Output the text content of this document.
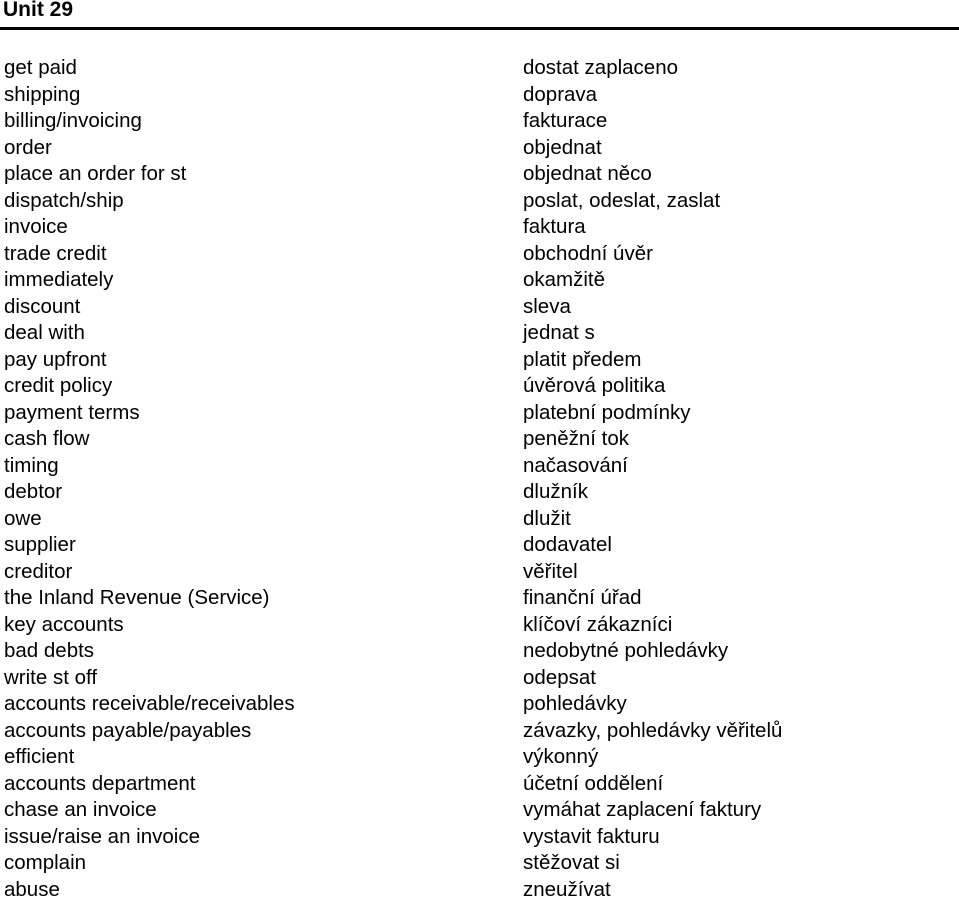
Unit 29
get paid	dostat zaplaceno
shipping	doprava
billing/invoicing	fakturace
order	objednat
place an order for st	objednat něco
dispatch/ship	poslat, odeslat, zaslat
invoice	faktura
trade credit	obchodní úvěr
immediately	okamžitě
discount	sleva
deal with	jednat s
pay upfront	platit předem
credit policy	úvěrová politika
payment terms	platební podmínky
cash flow	peněžní tok
timing	načasování
debtor	dlužník
owe	dlužit
supplier	dodavatel
creditor	věřitel
the Inland Revenue (Service)	finanční úřad
key accounts	klíčoví zákazníci
bad debts	nedobytné pohledávky
write st off	odepsat
accounts receivable/receivables	pohledávky
accounts payable/payables	závazky, pohledávky věřitelů
efficient	výkonný
accounts department	účetní oddělení
chase an invoice	vymáhat zaplacení faktury
issue/raise an invoice	vystavit fakturu
complain	stěžovat si
abuse	zneužívat
